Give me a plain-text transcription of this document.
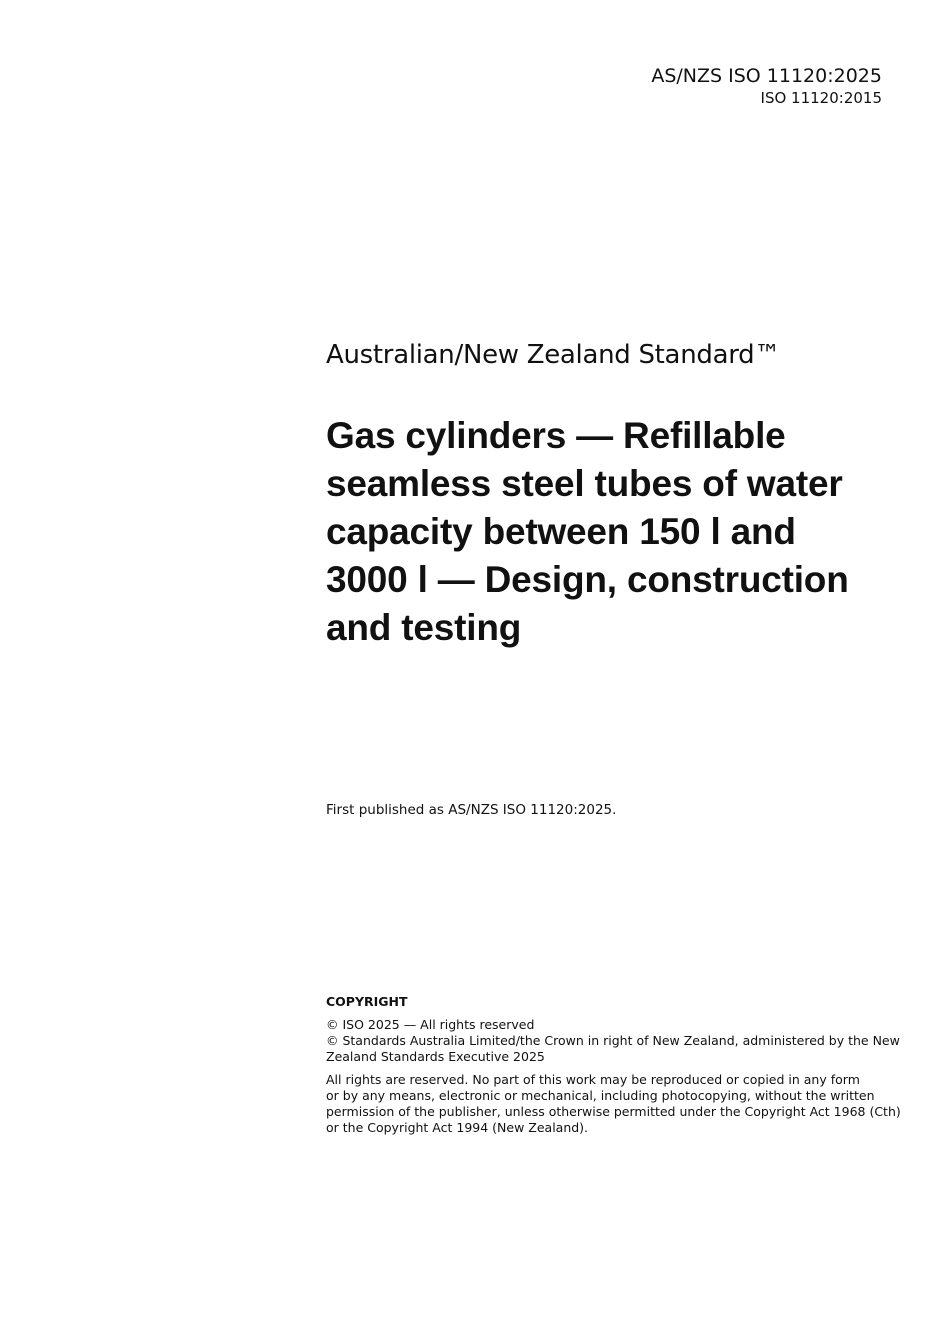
AS/NZS ISO 11120:2025
ISO 11120:2015
Australian/New Zealand Standard™
Gas cylinders — Refillable
seamless steel tubes of water
capacity between 150 l and
3000 l — Design, construction
and testing
First published as AS/NZS ISO 11120:2025.
COPYRIGHT
© ISO 2025 — All rights reserved
© Standards Australia Limited/the Crown in right of New Zealand, administered by the New
Zealand Standards Executive 2025
All rights are reserved. No part of this work may be reproduced or copied in any form
or by any means, electronic or mechanical, including photocopying, without the written
permission of the publisher, unless otherwise permitted under the Copyright Act 1968 (Cth)
or the Copyright Act 1994 (New Zealand).
